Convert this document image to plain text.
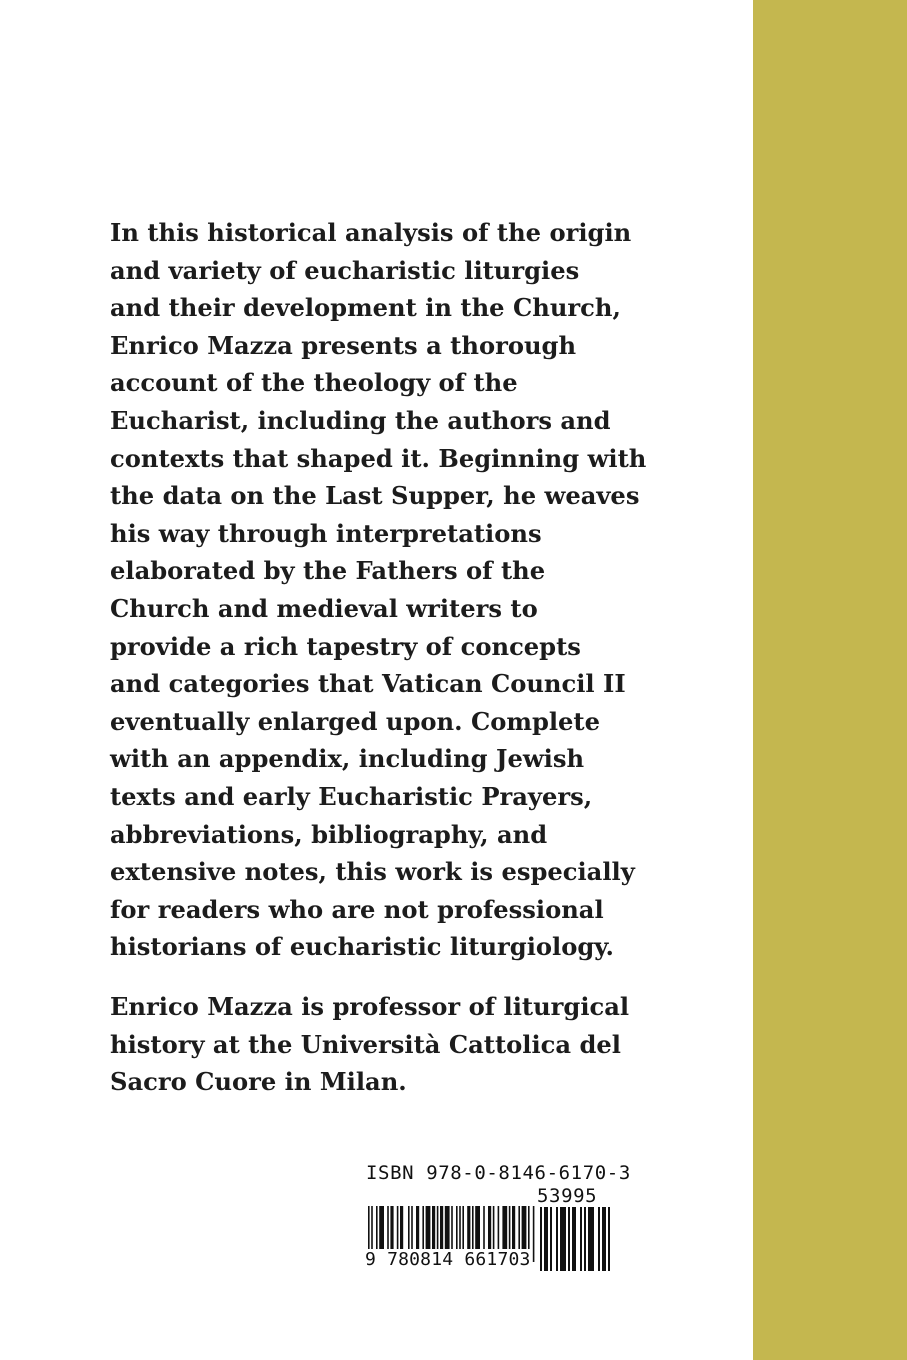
In this historical analysis of the origin
and variety of eucharistic liturgies
and their development in the Church,
Enrico Mazza presents a thorough
account of the theology of the
Eucharist, including the authors and
contexts that shaped it. Beginning with
the data on the Last Supper, he weaves
his way through interpretations
elaborated by the Fathers of the
Church and medieval writers to
provide a rich tapestry of concepts
and categories that Vatican Council II
eventually enlarged upon. Complete
with an appendix, including Jewish
texts and early Eucharistic Prayers,
abbreviations, bibliography, and
extensive notes, this work is especially
for readers who are not professional
historians of eucharistic liturgiology.
Enrico Mazza is professor of liturgical
history at the Università Cattolica del
Sacro Cuore in Milan.
ISBN 978-0-8146-6170-3
53995
9 780814 661703
